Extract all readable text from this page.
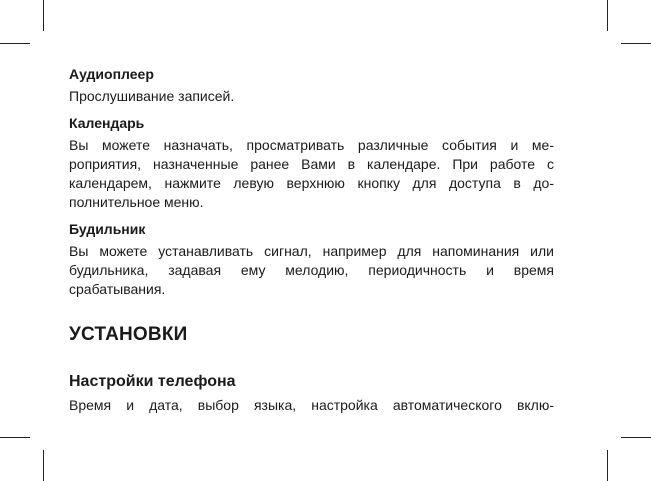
Аудиоплеер

Прослушивание записей.

Календарь

Вы можете назначать, просматривать различные события и ме- роприятия, назначенные ранее Вами в календаре. При работе с календарем, нажмите левую верхнюю кнопку для доступа в до- полнительное меню.

Будильник

Вы можете устанавливать сигнал, например для напоминания или будильника, задавая ему мелодию, периодичность и время срабатывания.

УСТАНОВКИ

Настройки телефона

Время и дата, выбор языка, настройка автоматического вклю-
